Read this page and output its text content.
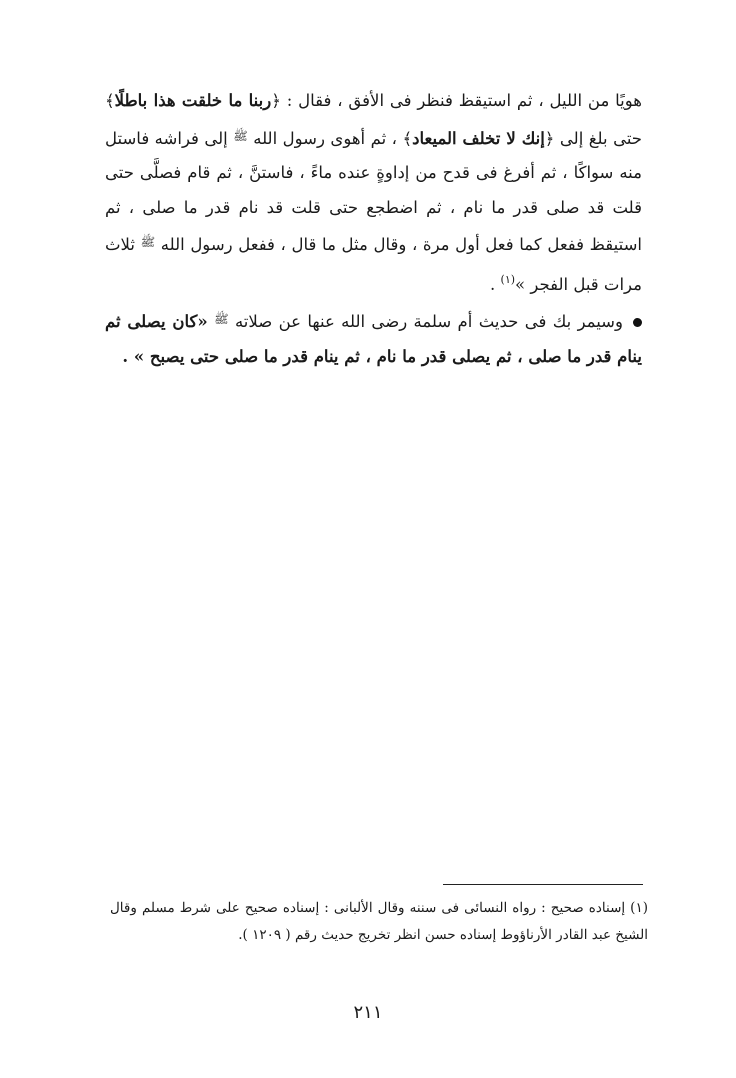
هويًا من الليل ، ثم استيقظ فنظر فى الأفق ، فقال : ﴿ربنا ما خلقت هذا باطلًا﴾ حتى بلغ إلى ﴿إنك لا تخلف الميعاد﴾ ، ثم أهوى رسول الله $^ﷺ$ إلى فراشه فاستل منه سواكًا ، ثم أفرغ فى قدح من إداوةٍ عنده ماءً ، فاستنَّ ، ثم قام فصلَّى حتى قلت قد صلى قدر ما نام ، ثم اضطجع حتى قلت قد نام قدر ما صلى ، ثم استيقظ ففعل كما فعل أول مرة ، وقال مثل ما قال ، ففعل رسول الله $^ﷺ$ ثلاث مرات قبل الفجر »$^{(١)}$ .

وسيمر بك فى حديث أم سلمة رضى الله عنها عن صلاته $^ﷺ$ «كان يصلى ثم ينام قدر ما صلى ، ثم يصلى قدر ما نام ، ثم ينام قدر ما صلى حتى يصبح » .

(١) إسناده صحيح : رواه النسائى فى سننه وقال الألبانى : إسناده صحيح على شرط مسلم وقال الشيخ عبد القادر الأرناؤوط إسناده حسن انظر تخريج حديث رقم ( ١٢٠٩ ).

٢١١
